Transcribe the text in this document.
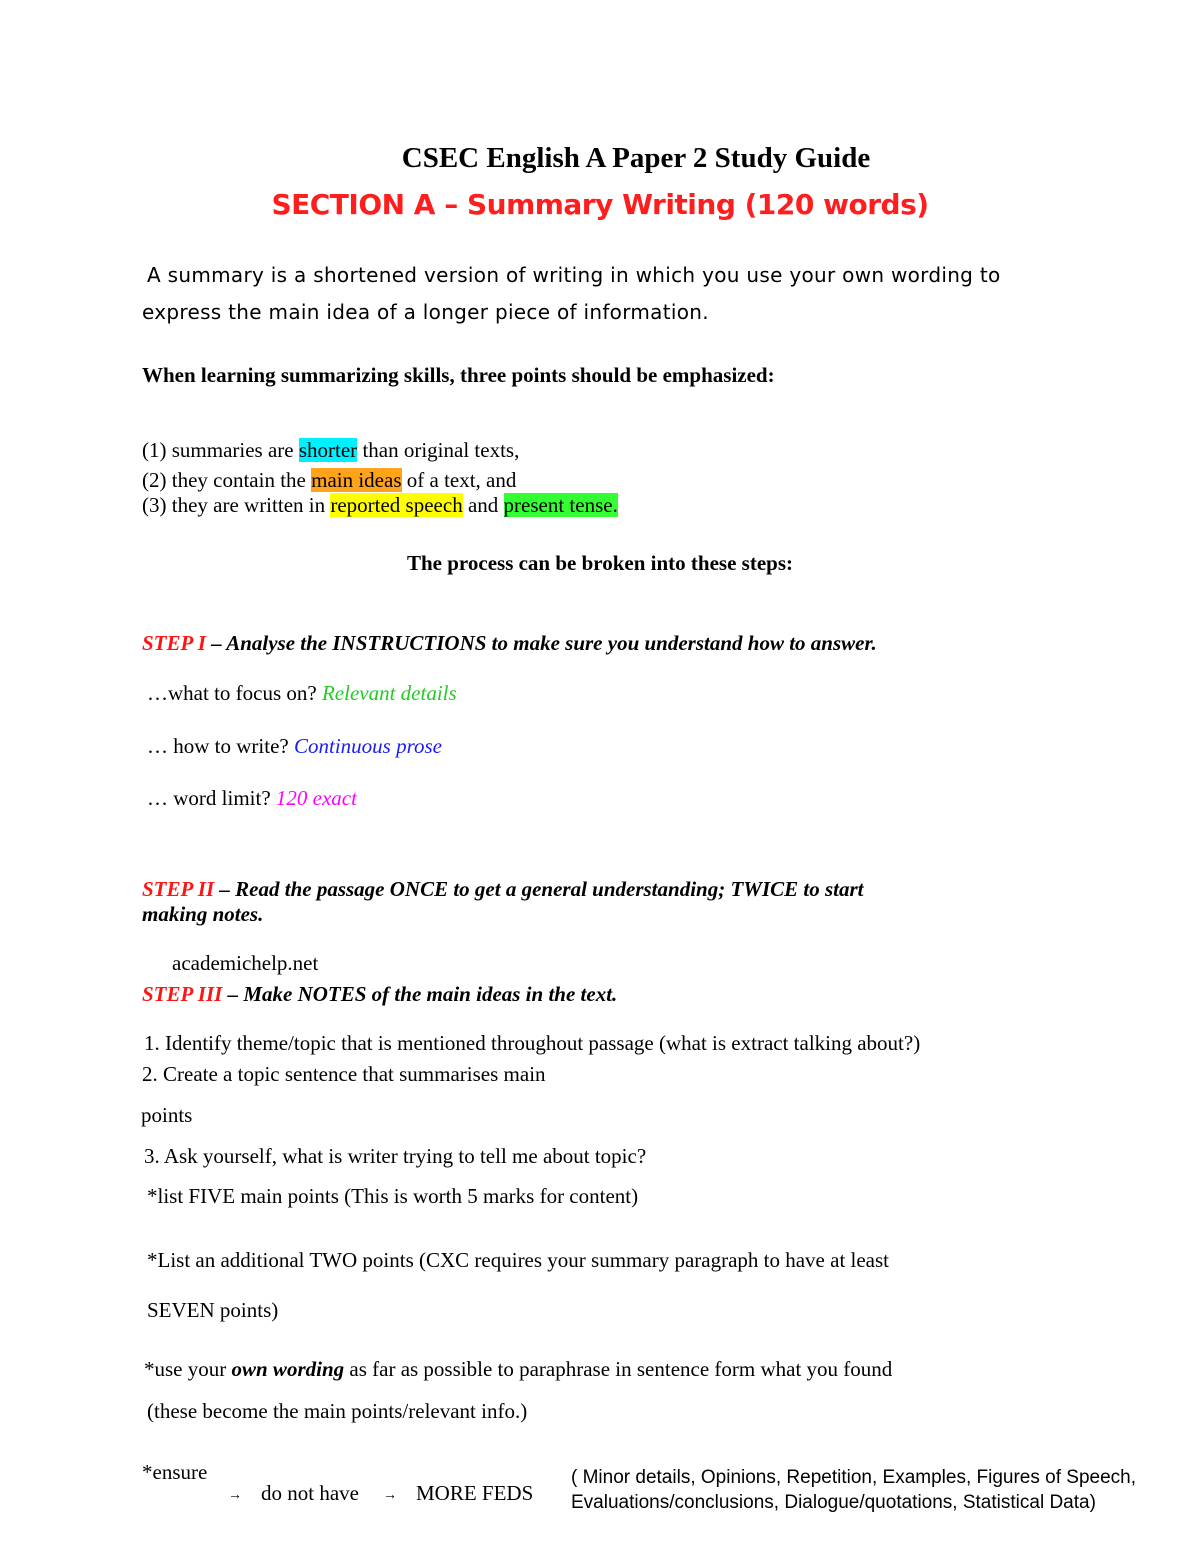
CSEC English A Paper 2 Study Guide
SECTION A – Summary Writing (120 words)
A summary is a shortened version of writing in which you use your own wording to
express the main idea of a longer piece of information.
When learning summarizing skills, three points should be emphasized:
(1) summaries are shorter than original texts,
(2) they contain the main ideas of a text, and
(3) they are written in reported speech and present tense.
The process can be broken into these steps:
STEP I – Analyse the INSTRUCTIONS to make sure you understand how to answer.
…what to focus on? Relevant details
… how to write? Continuous prose
… word limit? 120 exact
STEP II – Read the passage ONCE to get a general understanding; TWICE to start
making notes.
academichelp.net
STEP III – Make NOTES of the main ideas in the text.
1. Identify theme/topic that is mentioned throughout passage (what is extract talking about?)
2. Create a topic sentence that summarises main
points
3. Ask yourself, what is writer trying to tell me about topic?
*list FIVE main points (This is worth 5 marks for content)
*List an additional TWO points (CXC requires your summary paragraph to have at least
SEVEN points)
*use your own wording as far as possible to paraphrase in sentence form what you found
(these become the main points/relevant info.)
*ensure
→ do not have → MORE FEDS
( Minor details, Opinions, Repetition, Examples, Figures of Speech, Evaluations/conclusions, Dialogue/quotations, Statistical Data)
